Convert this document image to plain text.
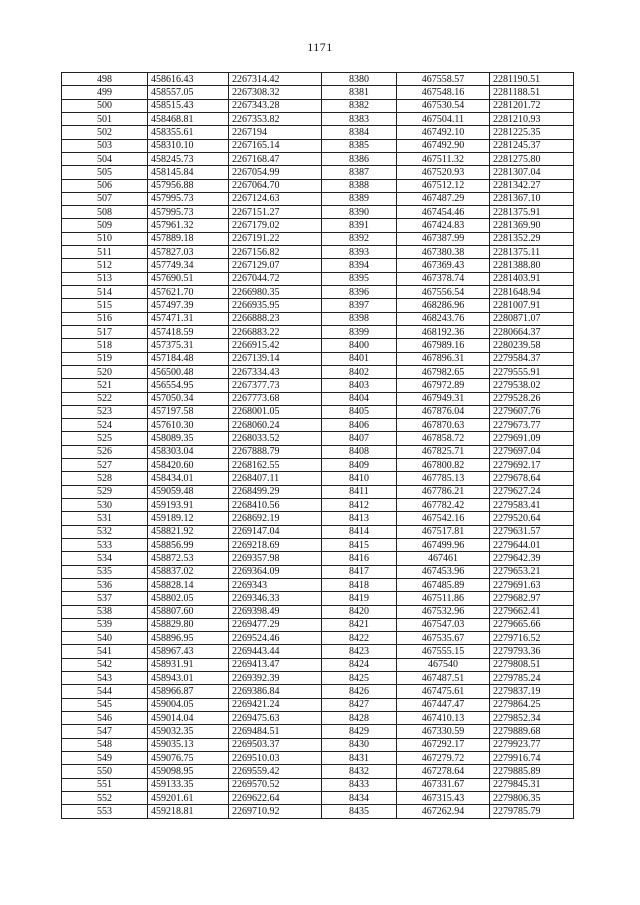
1171
498	458616.43	2267314.42	8380	467558.57	2281190.51
499	458557.05	2267308.32	8381	467548.16	2281188.51
500	458515.43	2267343.28	8382	467530.54	2281201.72
501	458468.81	2267353.82	8383	467504.11	2281210.93
502	458355.61	2267194	8384	467492.10	2281225.35
503	458310.10	2267165.14	8385	467492.90	2281245.37
504	458245.73	2267168.47	8386	467511.32	2281275.80
505	458145.84	2267054.99	8387	467520.93	2281307.04
506	457956.88	2267064.70	8388	467512.12	2281342.27
507	457995.73	2267124.63	8389	467487.29	2281367.10
508	457995.73	2267151.27	8390	467454.46	2281375.91
509	457961.32	2267179.02	8391	467424.83	2281369.90
510	457889.18	2267191.22	8392	467387.99	2281352.29
511	457827.03	2267156.82	8393	467380.38	2281375.11
512	457749.34	2267129.07	8394	467369.43	2281388.80
513	457690.51	2267044.72	8395	467378.74	2281403.91
514	457621.70	2266980.35	8396	467556.54	2281648.94
515	457497.39	2266935.95	8397	468286.96	2281007.91
516	457471.31	2266888.23	8398	468243.76	2280871.07
517	457418.59	2266883.22	8399	468192.36	2280664.37
518	457375.31	2266915.42	8400	467989.16	2280239.58
519	457184.48	2267139.14	8401	467896.31	2279584.37
520	456500.48	2267334.43	8402	467982.65	2279555.91
521	456554.95	2267377.73	8403	467972.89	2279538.02
522	457050.34	2267773.68	8404	467949.31	2279528.26
523	457197.58	2268001.05	8405	467876.04	2279607.76
524	457610.30	2268060.24	8406	467870.63	2279673.77
525	458089.35	2268033.52	8407	467858.72	2279691.09
526	458303.04	2267888.79	8408	467825.71	2279697.04
527	458420.60	2268162.55	8409	467800.82	2279692.17
528	458434.01	2268407.11	8410	467785.13	2279678.64
529	459059.48	2268499.29	8411	467786.21	2279627.24
530	459193.91	2268410.56	8412	467782.42	2279583.41
531	459189.12	2268692.19	8413	467542.16	2279520.64
532	458821.92	2269147.04	8414	467517.81	2279631.57
533	458856.99	2269218.69	8415	467499.96	2279644.01
534	458872.53	2269357.98	8416	467461	2279642.39
535	458837.02	2269364.09	8417	467453.96	2279653.21
536	458828.14	2269343	8418	467485.89	2279691.63
537	458802.05	2269346.33	8419	467511.86	2279682.97
538	458807.60	2269398.49	8420	467532.96	2279662.41
539	458829.80	2269477.29	8421	467547.03	2279665.66
540	458896.95	2269524.46	8422	467535.67	2279716.52
541	458967.43	2269443.44	8423	467555.15	2279793.36
542	458931.91	2269413.47	8424	467540	2279808.51
543	458943.01	2269392.39	8425	467487.51	2279785.24
544	458966.87	2269386.84	8426	467475.61	2279837.19
545	459004.05	2269421.24	8427	467447.47	2279864.25
546	459014.04	2269475.63	8428	467410.13	2279852.34
547	459032.35	2269484.51	8429	467330.59	2279889.68
548	459035.13	2269503.37	8430	467292.17	2279923.77
549	459076.75	2269510.03	8431	467279.72	2279916.74
550	459098.95	2269559.42	8432	467278.64	2279885.89
551	459133.35	2269570.52	8433	467331.67	2279845.31
552	459201.61	2269622.64	8434	467315.43	2279806.35
553	459218.81	2269710.92	8435	467262.94	2279785.79
